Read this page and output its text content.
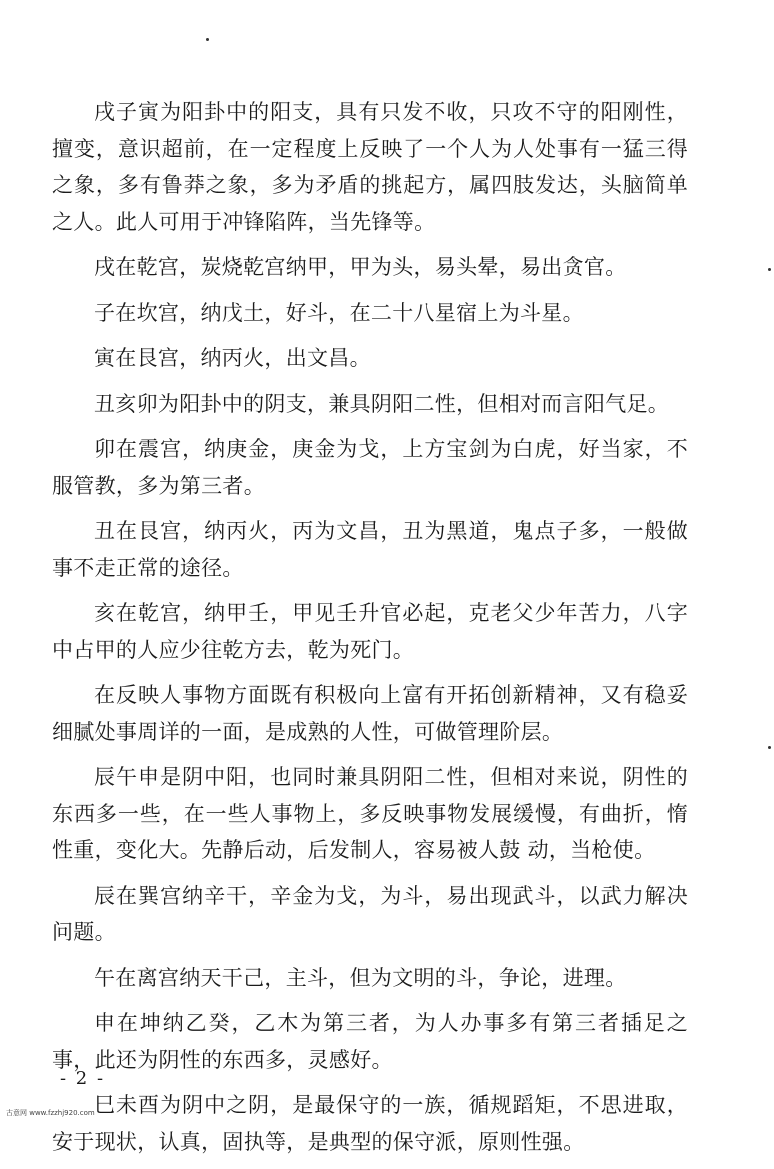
戌子寅为阳卦中的阳支，具有只发不收，只攻不守的阳刚性，擅变，意识超前，在一定程度上反映了一个人为人处事有一猛三得之象，多有鲁莽之象，多为矛盾的挑起方，属四肢发达，头脑简单之人。此人可用于冲锋陷阵，当先锋等。

戌在乾宫，炭烧乾宫纳甲，甲为头，易头晕，易出贪官。

子在坎宫，纳戊土，好斗，在二十八星宿上为斗星。

寅在艮宫，纳丙火，出文昌。

丑亥卯为阳卦中的阴支，兼具阴阳二性，但相对而言阳气足。

卯在震宫，纳庚金，庚金为戈，上方宝剑为白虎，好当家，不服管教，多为第三者。

丑在艮宫，纳丙火，丙为文昌，丑为黑道，鬼点子多，一般做事不走正常的途径。

亥在乾宫，纳甲壬，甲见壬升官必起，克老父少年苦力，八字中占甲的人应少往乾方去，乾为死门。

在反映人事物方面既有积极向上富有开拓创新精神，又有稳妥细腻处事周详的一面，是成熟的人性，可做管理阶层。

辰午申是阴中阳，也同时兼具阴阳二性，但相对来说，阴性的东西多一些，在一些人事物上，多反映事物发展缓慢，有曲折，惰性重，变化大。先静后动，后发制人，容易被人鼓 动，当枪使。

辰在巽宫纳辛干，辛金为戈，为斗，易出现武斗，以武力解决问题。

午在离宫纳天干己，主斗，但为文明的斗，争论，进理。

申在坤纳乙癸，乙木为第三者，为人办事多有第三者插足之事，此还为阴性的东西多，灵感好。

巳未酉为阴中之阴，是最保守的一族，循规蹈矩，不思进取，安于现状，认真，固执等，是典型的保守派，原则性强。

- 2 -
古意网 www.fzzhj920.com
